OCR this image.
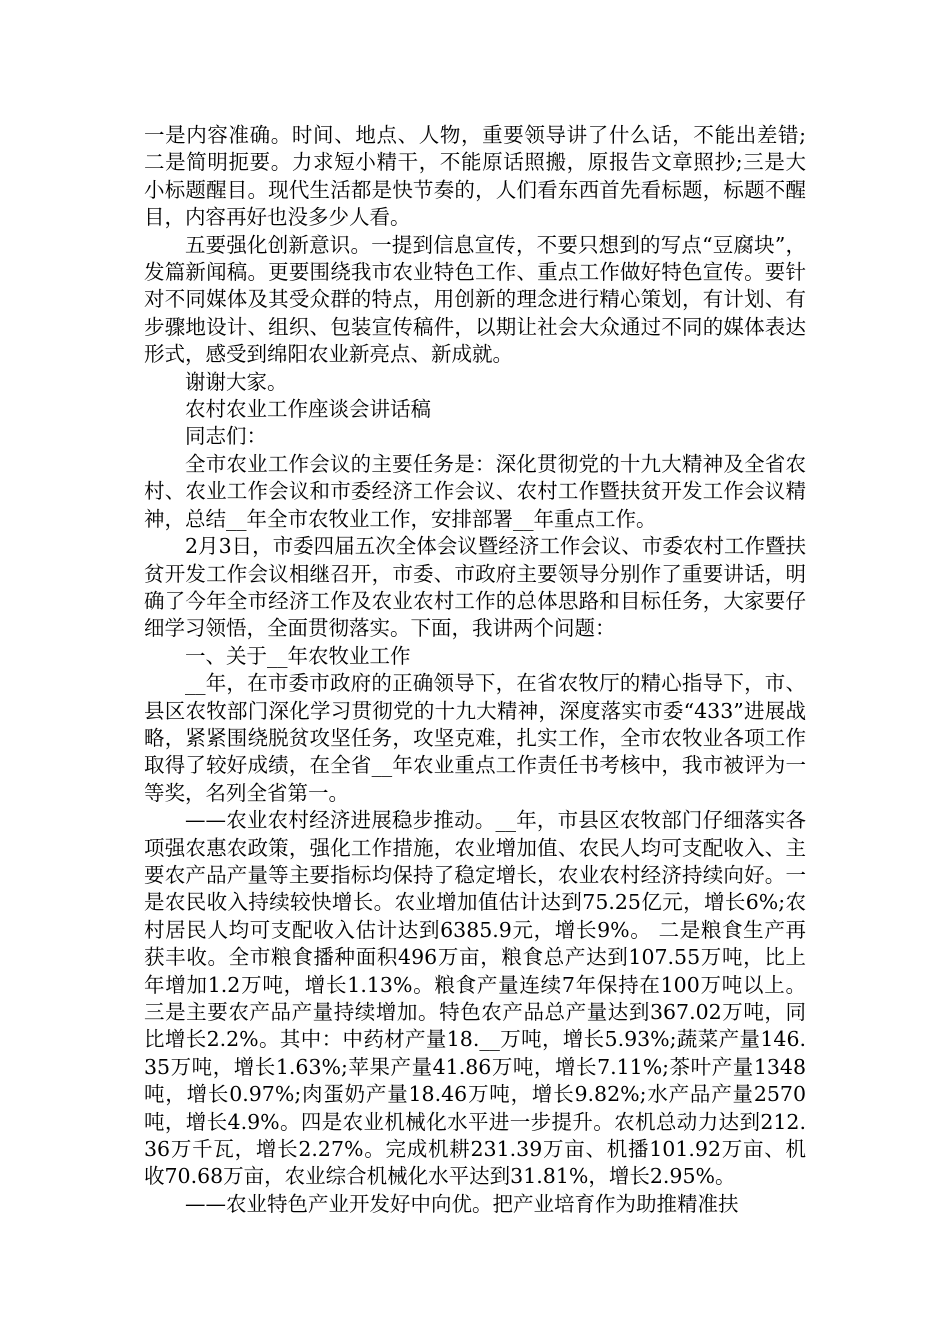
一是内容准确。时间、地点、人物，重要领导讲了什么话，不能出差错;二是简明扼要。力求短小精干，不能原话照搬，原报告文章照抄;三是大小标题醒目。现代生活都是快节奏的，人们看东西首先看标题，标题不醒目，内容再好也没多少人看。

五要强化创新意识。一提到信息宣传，不要只想到的写点“豆腐块”，发篇新闻稿。更要围绕我市农业特色工作、重点工作做好特色宣传。要针对不同媒体及其受众群的特点，用创新的理念进行精心策划，有计划、有步骤地设计、组织、包装宣传稿件，以期让社会大众通过不同的媒体表达形式，感受到绵阳农业新亮点、新成就。

谢谢大家。

农村农业工作座谈会讲话稿

同志们：

全市农业工作会议的主要任务是：深化贯彻党的十九大精神及全省农村、农业工作会议和市委经济工作会议、农村工作暨扶贫开发工作会议精神，总结__年全市农牧业工作，安排部署__年重点工作。

2月3日，市委四届五次全体会议暨经济工作会议、市委农村工作暨扶贫开发工作会议相继召开，市委、市政府主要领导分别作了重要讲话，明确了今年全市经济工作及农业农村工作的总体思路和目标任务，大家要仔细学习领悟，全面贯彻落实。下面，我讲两个问题：

一、关于__年农牧业工作

__年，在市委市政府的正确领导下，在省农牧厅的精心指导下，市、县区农牧部门深化学习贯彻党的十九大精神，深度落实市委“433”进展战略，紧紧围绕脱贫攻坚任务，攻坚克难，扎实工作，全市农牧业各项工作取得了较好成绩，在全省__年农业重点工作责任书考核中，我市被评为一等奖，名列全省第一。

——农业农村经济进展稳步推动。__年，市县区农牧部门仔细落实各项强农惠农政策，强化工作措施，农业增加值、农民人均可支配收入、主要农产品产量等主要指标均保持了稳定增长，农业农村经济持续向好。一是农民收入持续较快增长。农业增加值估计达到75.25亿元，增长6%;农村居民人均可支配收入估计达到6385.9元，增长9%。 二是粮食生产再获丰收。全市粮食播种面积496万亩，粮食总产达到107.55万吨，比上年增加1.2万吨，增长1.13%。粮食产量连续7年保持在100万吨以上。三是主要农产品产量持续增加。特色农产品总产量达到367.02万吨，同比增长2.2%。其中：中药材产量18.__万吨，增长5.93%;蔬菜产量146.35万吨，增长1.63%;苹果产量41.86万吨，增长7.11%;茶叶产量1348吨，增长0.97%;肉蛋奶产量18.46万吨，增长9.82%;水产品产量2570吨，增长4.9%。四是农业机械化水平进一步提升。农机总动力达到212.36万千瓦，增长2.27%。完成机耕231.39万亩、机播101.92万亩、机收70.68万亩，农业综合机械化水平达到31.81%，增长2.95%。

——农业特色产业开发好中向优。把产业培育作为助推精准扶
